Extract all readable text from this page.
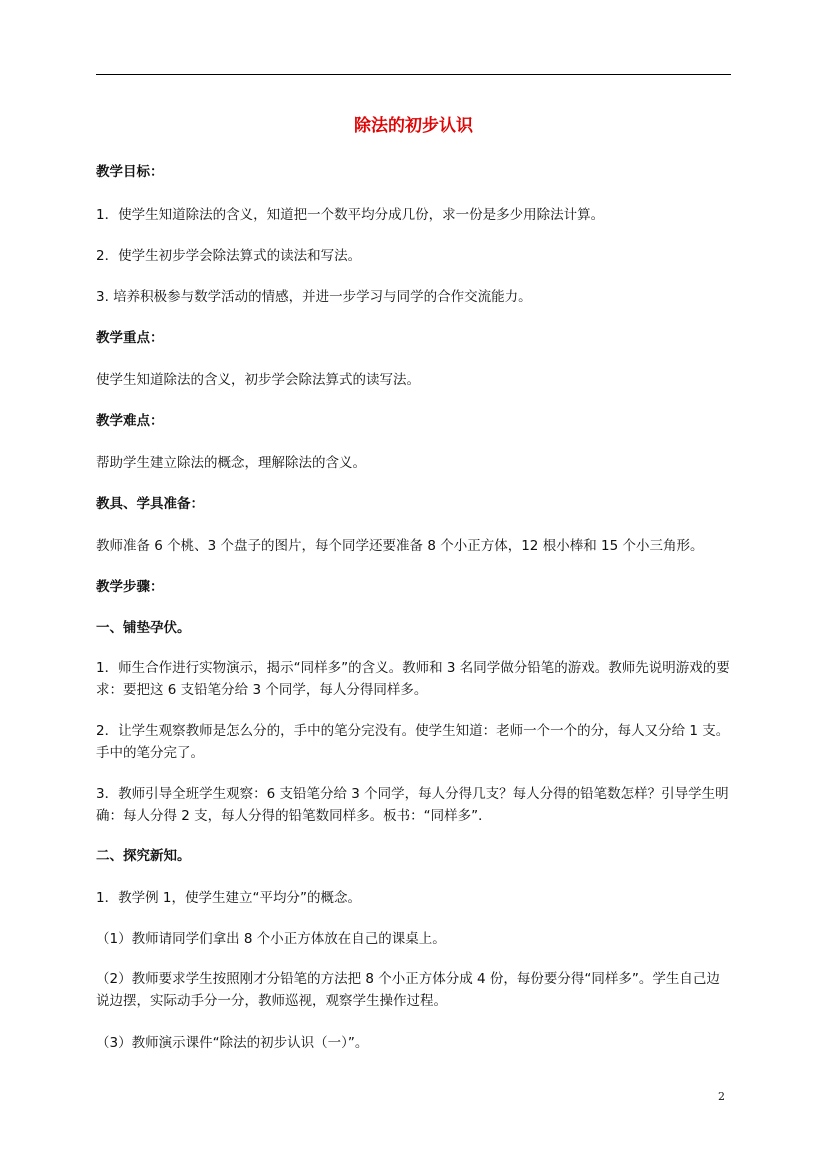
除法的初步认识
教学目标：
1．使学生知道除法的含义，知道把一个数平均分成几份，求一份是多少用除法计算。
2．使学生初步学会除法算式的读法和写法。
3. 培养积极参与数学活动的情感，并进一步学习与同学的合作交流能力。
教学重点：
使学生知道除法的含义，初步学会除法算式的读写法。
教学难点：
帮助学生建立除法的概念，理解除法的含义。
教具、学具准备：
教师准备 6 个桃、3 个盘子的图片，每个同学还要准备 8 个小正方体，12 根小棒和 15 个小三角形。
教学步骤：
一、铺垫孕伏。
1．师生合作进行实物演示，揭示“同样多”的含义。教师和 3 名同学做分铅笔的游戏。教师先说明游戏的要求：要把这 6 支铅笔分给 3 个同学，每人分得同样多。
2．让学生观察教师是怎么分的，手中的笔分完没有。使学生知道：老师一个一个的分，每人又分给 1 支。手中的笔分完了。
3．教师引导全班学生观察：6 支铅笔分给 3 个同学，每人分得几支？每人分得的铅笔数怎样？引导学生明确：每人分得 2 支，每人分得的铅笔数同样多。板书：“同样多”．
二、探究新知。
1．教学例 1，使学生建立“平均分”的概念。
（1）教师请同学们拿出 8 个小正方体放在自己的课桌上。
（2）教师要求学生按照刚才分铅笔的方法把 8 个小正方体分成 4 份，每份要分得“同样多”。学生自己边说边摆，实际动手分一分，教师巡视，观察学生操作过程。
（3）教师演示课件“除法的初步认识（一）”。
2
